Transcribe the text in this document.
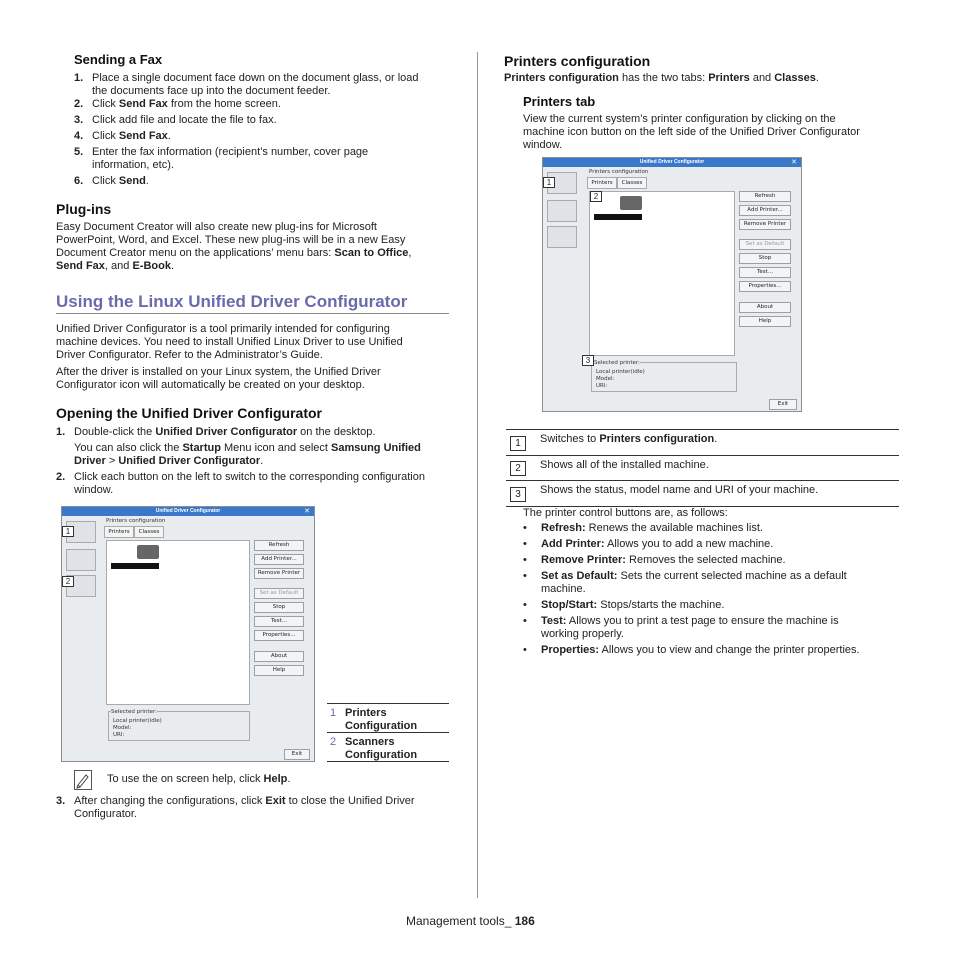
Sending a Fax
1. Place a single document face down on the document glass, or load
the documents face up into the document feeder.
2. Click Send Fax from the home screen.
3. Click add file and locate the file to fax.
4. Click Send Fax.
5. Enter the fax information (recipient’s number, cover page
information, etc).
6. Click Send.
Plug-ins
Easy Document Creator will also create new plug-ins for Microsoft
PowerPoint, Word, and Excel. These new plug-ins will be in a new Easy
Document Creator menu on the applications’ menu bars: Scan to Office,
Send Fax, and E-Book.
Using the Linux Unified Driver Configurator
Unified Driver Configurator is a tool primarily intended for configuring
machine devices. You need to install Unified Linux Driver to use Unified
Driver Configurator. Refer to the Administrator’s Guide.
After the driver is installed on your Linux system, the Unified Driver
Configurator icon will automatically be created on your desktop.
Opening the Unified Driver Configurator
1. Double-click the Unified Driver Configurator on the desktop.
You can also click the Startup Menu icon and select Samsung Unified
Driver > Unified Driver Configurator.
2. Click each button on the left to switch to the corresponding configuration
window.
Unified Driver Configurator	✕
1
2
Printers configuration
Printers	Classes
Refresh
Add Printer...
Remove Printer
Set as Default
Stop
Test...
Properties...
About
Help
Selected printer:
Local printer(idle)
Model:
URI:
Exit
1 Printers
Configuration
2 Scanners
Configuration
To use the on screen help, click Help.
3. After changing the configurations, click Exit to close the Unified Driver
Configurator.
Printers configuration
Printers configuration has the two tabs: Printers and Classes.
Printers tab
View the current system’s printer configuration by clicking on the
machine icon button on the left side of the Unified Driver Configurator
window.
Unified Driver Configurator	✕
1
Printers configuration
Printers	Classes
2	Refresh
Add Printer...
Remove Printer
Set as Default
Stop
Test...
Properties...
About
Help
Selected printer:
Local printer(idle)
Model:
URI:
3
Exit
1	Switches to Printers configuration.
2	Shows all of the installed machine.
3	Shows the status, model name and URI of your machine.
The printer control buttons are, as follows:
• Refresh: Renews the available machines list.
• Add Printer: Allows you to add a new machine.
• Remove Printer: Removes the selected machine.
• Set as Default: Sets the current selected machine as a default
machine.
• Stop/Start: Stops/starts the machine.
• Test: Allows you to print a test page to ensure the machine is
working properly.
• Properties: Allows you to view and change the printer properties.
Management tools_ 186
